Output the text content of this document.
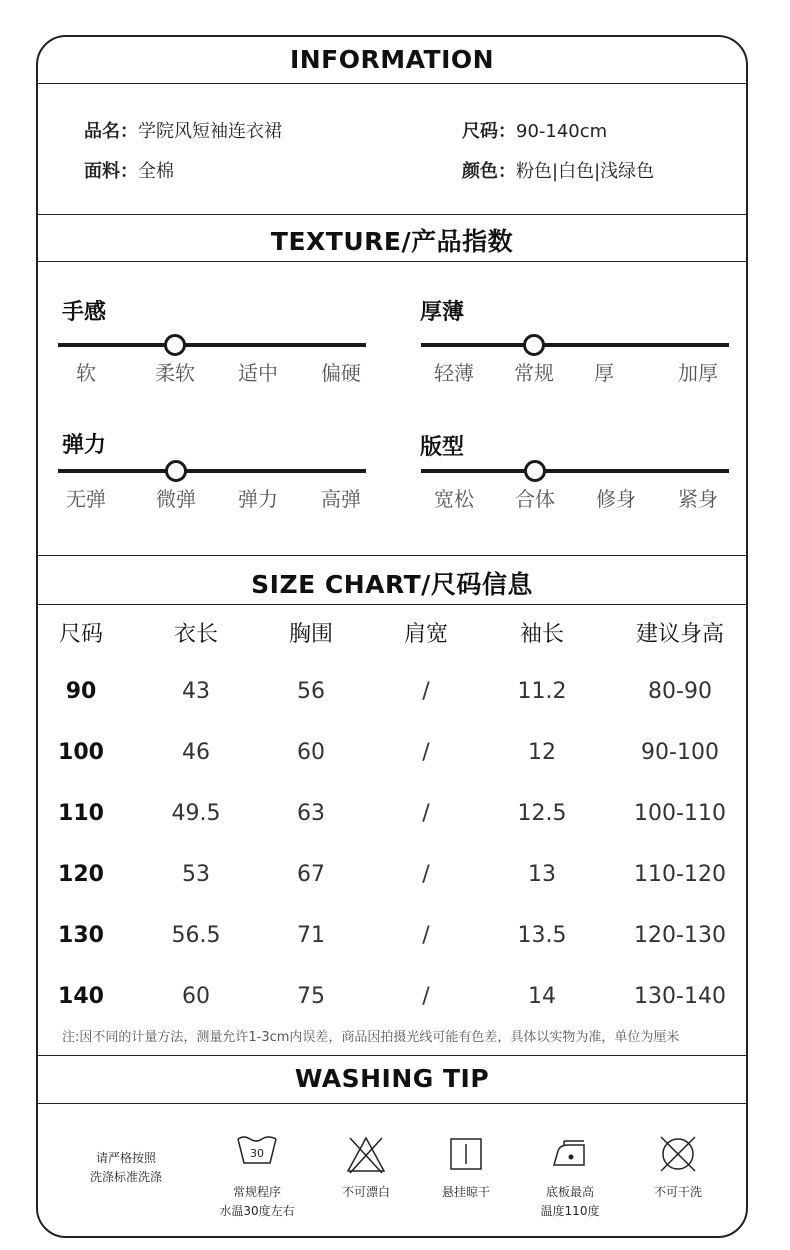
INFORMATION
品名：学院风短袖连衣裙
面料：全棉
尺码：90-140cm
颜色：粉色|白色|浅绿色
TEXTURE/产品指数
手感
软	柔软 适中 偏硬
厚薄
轻薄 常规 厚	加厚
弹力
无弹	微弹 弹力 高弹
版型
宽松 合体 修身 紧身
SIZE CHART/尺码信息
尺码	衣长	胸围	肩宽	袖长	建议身高
90	43	56	/	11.2	80-90
100	46	60	/	12	90-100
110	49.5	63	/	12.5	100-110
120	53	67	/	13	110-120
130	56.5	71	/	13.5	120-130
140	60	75	/	14	130-140
注:因不同的计量方法，测量允许1-3cm内误差，商品因拍摄光线可能有色差，具体以实物为准，单位为厘米
WASHING TIP
请严格按照
洗涤标准洗涤
30
常规程序
水温30度左右
不可漂白	悬挂晾干	底板最高
温度110度
不可干洗
